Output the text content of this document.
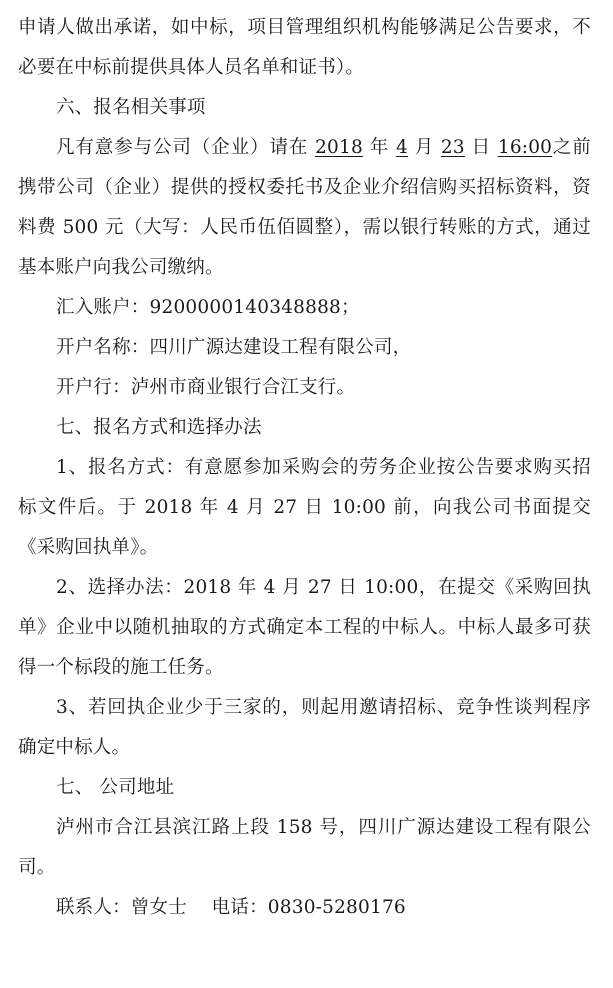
申请人做出承诺，如中标，项目管理组织机构能够满足公告要求，不必要在中标前提供具体人员名单和证书）。

六、报名相关事项

凡有意参与公司（企业）请在 2018 年 4 月 23 日 16:00之前携带公司（企业）提供的授权委托书及企业介绍信购买招标资料，资料费 500 元（大写：人民币伍佰圆整），需以银行转账的方式，通过基本账户向我公司缴纳。

汇入账户：9200000140348888；

开户名称：四川广源达建设工程有限公司，

开户行：泸州市商业银行合江支行。

七、报名方式和选择办法

1、报名方式：有意愿参加采购会的劳务企业按公告要求购买招标文件后。于 2018 年 4 月 27 日 10:00 前，向我公司书面提交《采购回执单》。

2、选择办法：2018 年 4 月 27 日 10:00，在提交《采购回执单》企业中以随机抽取的方式确定本工程的中标人。中标人最多可获得一个标段的施工任务。

3、若回执企业少于三家的，则起用邀请招标、竞争性谈判程序确定中标人。

七、 公司地址

泸州市合江县滨江路上段 158 号，四川广源达建设工程有限公司。

联系人：曾女士　 电话：0830-5280176
